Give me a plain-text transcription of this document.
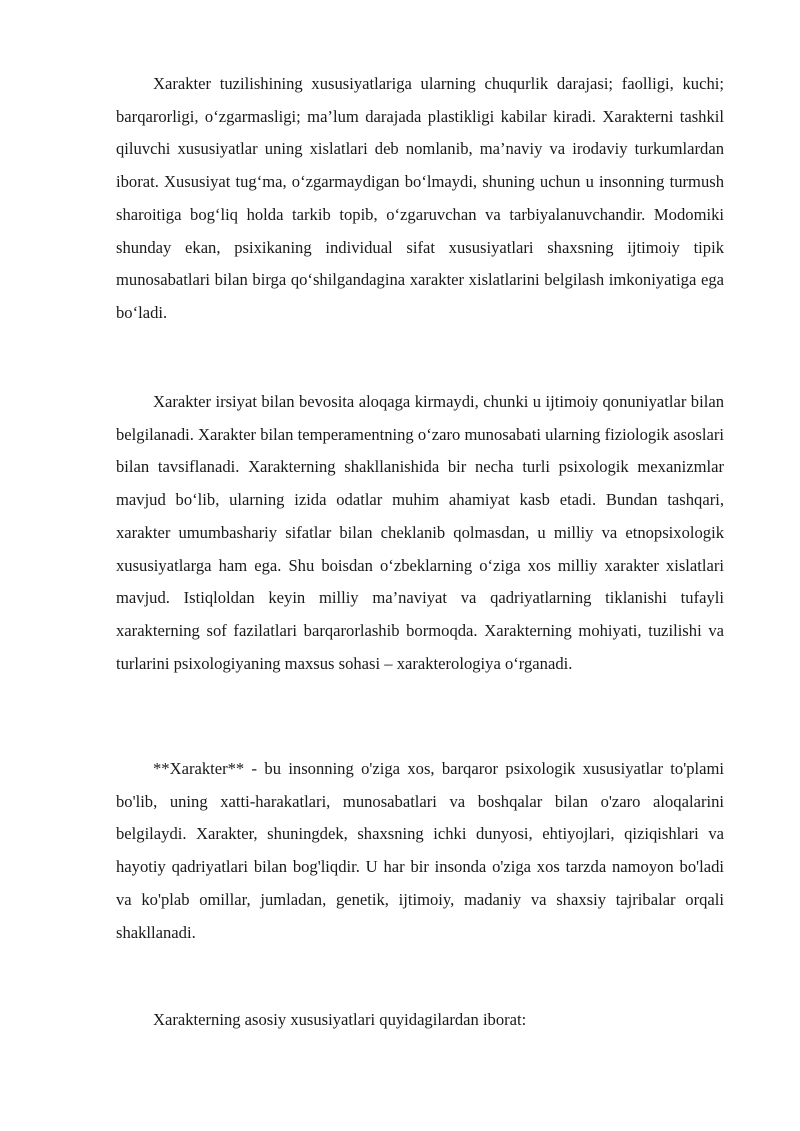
Xarakter tuzilishining xususiyatlariga ularning chuqurlik darajasi; faolligi, kuchi; barqarorligi, o‘zgarmasligi; ma’lum darajada plastikligi kabilar kiradi. Xarakterni tashkil qiluvchi xususiyatlar uning xislatlari deb nomlanib, ma’naviy va irodaviy turkumlardan iborat. Xususiyat tug‘ma, o‘zgarmaydigan bo‘lmaydi, shuning uchun u insonning turmush sharoitiga bog‘liq holda tarkib topib, o‘zgaruvchan va tarbiyalanuvchandir. Modomiki shunday ekan, psixikaning individual sifat xususiyatlari shaxsning ijtimoiy tipik munosabatlari bilan birga qo‘shilgandagina xarakter xislatlarini belgilash imkoniyatiga ega bo‘ladi.

Xarakter irsiyat bilan bevosita aloqaga kirmaydi, chunki u ijtimoiy qonuniyatlar bilan belgilanadi. Xarakter bilan temperamentning o‘zaro munosabati ularning fiziologik asoslari bilan tavsiflanadi. Xarakterning shakllanishida bir necha turli psixologik mexanizmlar mavjud bo‘lib, ularning izida odatlar muhim ahamiyat kasb etadi. Bundan tashqari, xarakter umumbashariy sifatlar bilan cheklanib qolmasdan, u milliy va etnopsixologik xususiyatlarga ham ega. Shu boisdan o‘zbeklarning o‘ziga xos milliy xarakter xislatlari mavjud. Istiqloldan keyin milliy ma’naviyat va qadriyatlarning tiklanishi tufayli xarakterning sof fazilatlari barqarorlashib bormoqda. Xarakterning mohiyati, tuzilishi va turlarini psixologiyaning maxsus sohasi – xarakterologiya o‘rganadi.

**Xarakter** - bu insonning o'ziga xos, barqaror psixologik xususiyatlar to'plami bo'lib, uning xatti-harakatlari, munosabatlari va boshqalar bilan o'zaro aloqalarini belgilaydi. Xarakter, shuningdek, shaxsning ichki dunyosi, ehtiyojlari, qiziqishlari va hayotiy qadriyatlari bilan bog'liqdir. U har bir insonda o'ziga xos tarzda namoyon bo'ladi va ko'plab omillar, jumladan, genetik, ijtimoiy, madaniy va shaxsiy tajribalar orqali shakllanadi.

Xarakterning asosiy xususiyatlari quyidagilardan iborat:
